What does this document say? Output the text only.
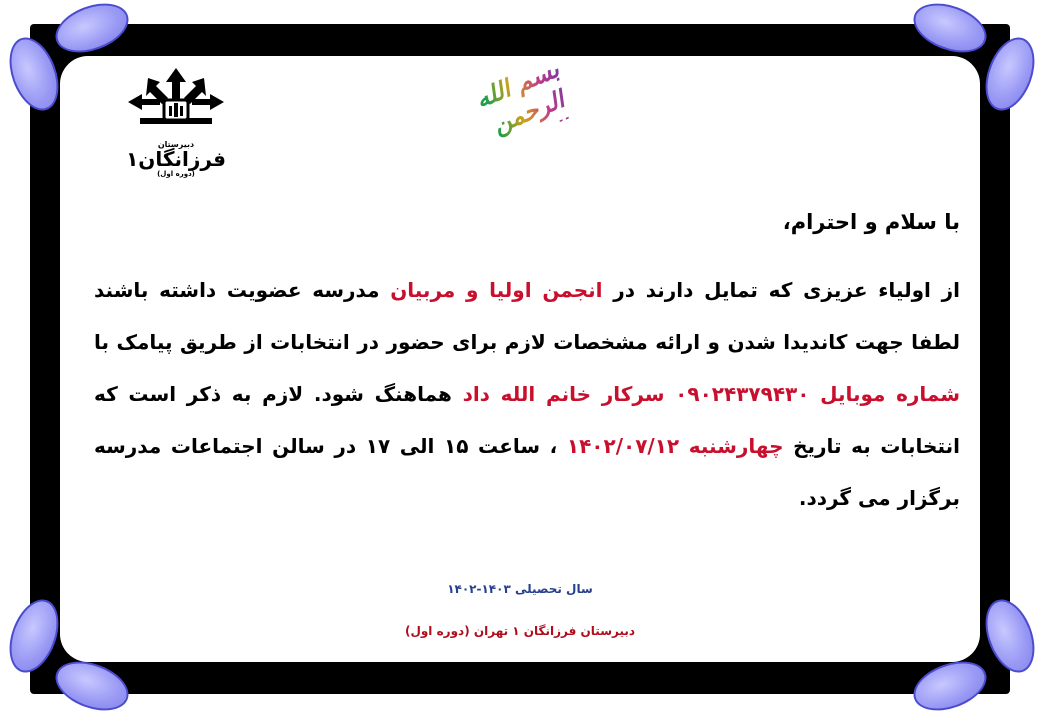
دبیرستان
فرزانگان۱
(دوره اول)
بسم الله الرحمن الرحیم
با سلام و احترام،
از اولیاء عزیزی که تمایل دارند در انجمن اولیا و مربیان مدرسه عضویت داشته باشند لطفا جهت کاندیدا شدن و ارائه مشخصات لازم برای حضور در انتخابات از طریق پیامک با شماره موبایل ۰۹۰۲۴۳۷۹۴۳۰ سرکار خانم الله داد هماهنگ شود. لازم به ذکر است که انتخابات به تاریخ چهارشنبه ۱۴۰۲/۰۷/۱۲ ، ساعت ۱۵ الی ۱۷ در سالن اجتماعات مدرسه برگزار می گردد.
سال تحصیلی ۱۴۰۳-۱۴۰۲
دبیرستان فرزانگان ۱ تهران (دوره اول)
